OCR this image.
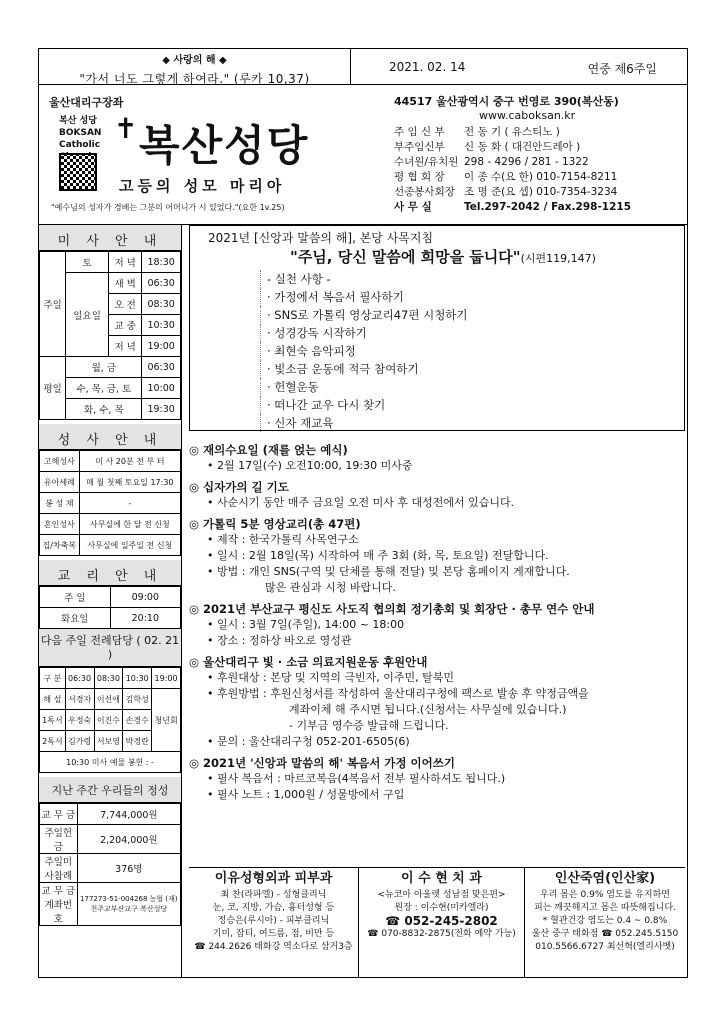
◆ 사랑의 해 ◆
"가서 너도 그렇게 하여라." (루카 10,37)
2021. 02. 14	연중 제6주일
울산대리구장좌
복산 성당 BOKSAN Catholic ✝ 복산성당
고등의 성모 마리아
"예수님의 성자가 경배는 그분의 어머니가 시 있었다."(요한 1v.25)
44517 울산광역시 중구 번영로 390(복산동)
www.caboksan.kr
주 임 신 부	전 동 기 ( 유스티노 )
부주임신부	신 동 화 ( 대건안드레아 )
수녀원/유치원 298 - 4296 / 281 - 1322
평 협 회 장	이 종 수(요 한) 010-7154-8211
선종봉사회장 조 명 준(요 셉) 010-7354-3234
사 무 실	Tel.297-2042 / Fax.298-1215
미 사 안 내
주일	토	저 녁	18:30
	일요일	새 벽	06:30
		오 전	08:30
		교 중	10:30
		저 녁	19:00
평일	월, 금		06:30
	수, 목, 금, 토		10:00
	화, 수, 목		19:30
성 사 안 내
고해성사	미 사 20분 전 부 터
유아세례	매 월 첫째 토요일 17:30
봉 성 체	-
혼인성사	사무실에 한 달 전 신청
집/차축복	사무실에 일주일 전 신청
교 리 안 내
주 일	09:00
화요일	20:10
다음 주일 전례담당 ( 02. 21 )
구 분	06:30	08:30	10:30	19:00
해 설	서경자	이선애	김학성	청년회
1독서	우정숙	이진수	손경수	
2독서	김가령	서보영	박경란	
10:30 미사 예물 봉헌 : -				
지난 주간 우리들의 정성
교 무 금	7,744,000원
주일헌금	2,204,000원
주일미사참례	376명
교 무 금 계좌번호	177273-51-004268 농협 (재)천주교부산교구 복산성당
2021년 [신앙과 말씀의 해], 본당 사목지침
"주님, 당신 말씀에 희망을 둡니다"(시편119,147)
- 실천 사항 -
· 가정에서 복음서 필사하기
· SNS로 가톨릭 영상교리47편 시청하기
· 성경강독 시작하기
· 최현숙 음악피정
· 빛소금 운동에 적극 참여하기
· 헌혈운동
· 떠나간 교우 다시 찾기
· 신자 재교육
◎ 재의수요일 (재를 얹는 예식)
• 2월 17일(수) 오전10:00, 19:30 미사중
◎ 십자가의 길 기도
• 사순시기 동안 매주 금요일 오전 미사 후 대성전에서 있습니다.
◎ 가톨릭 5분 영상교리(총 47편)
• 제작 : 한국가톨릭 사목연구소
• 일시 : 2월 18일(목) 시작하여 매 주 3회 (화, 목, 토요일) 전달합니다.
• 방법 : 개인 SNS(구역 및 단체를 통해 전달) 및 본당 홈페이지 게재합니다.
많은 관심과 시청 바랍니다.
◎ 2021년 부산교구 평신도 사도직 협의회 정기총회 및 회장단 · 총무 연수 안내
• 일시 : 3월 7일(주일), 14:00 ~ 18:00
• 장소 : 정하상 바오로 영성관
◎ 울산대리구 빛 · 소금 의료지원운동 후원안내
• 후원대상 : 본당 및 지역의 극빈자, 이주민, 탈북민
• 후원방법 : 후원신청서를 작성하여 울산대리구청에 팩스로 발송 후 약정금액을
계좌이체 해 주시면 됩니다.(신청서는 사무실에 있습니다.)
- 기부금 영수증 발급해 드립니다.
• 문의 : 울산대리구청 052-201-6505(6)
◎ 2021년 '신앙과 말씀의 해' 복음서 가정 이어쓰기
• 필사 복음서 : 마르코복음(4복음서 전부 필사하셔도 됩니다.)
• 필사 노트 : 1,000원 / 성물방에서 구입
이유성형외과 피부과
최 찬(라파엘) - 성형클리닉
눈, 코, 지방, 가슴, 흉터성형 등
정승은(루시아) - 피부클리닉
기미, 잡티, 여드름, 점, 비만 등
☎ 244.2626 태화강 역소다로 삼거3층
이 수 현 치 과
<뉴코아 아울렛 성남점 맞은편>
원장 : 이수현(미카엘라)
☎ 052-245-2802
☎ 070-8832-2875(전화 예약 가능)
인산죽염(인산家)
우리 몸은 0.9% 염도를 유지하면
피는 깨끗해지고 몸은 따뜻해집니다.
* 혈관건강 염도는 0.4 ~ 0.8%
울산 중구 태화점 ☎ 052.245.5150
010.5566.6727 최선혁(엘리사벳)
